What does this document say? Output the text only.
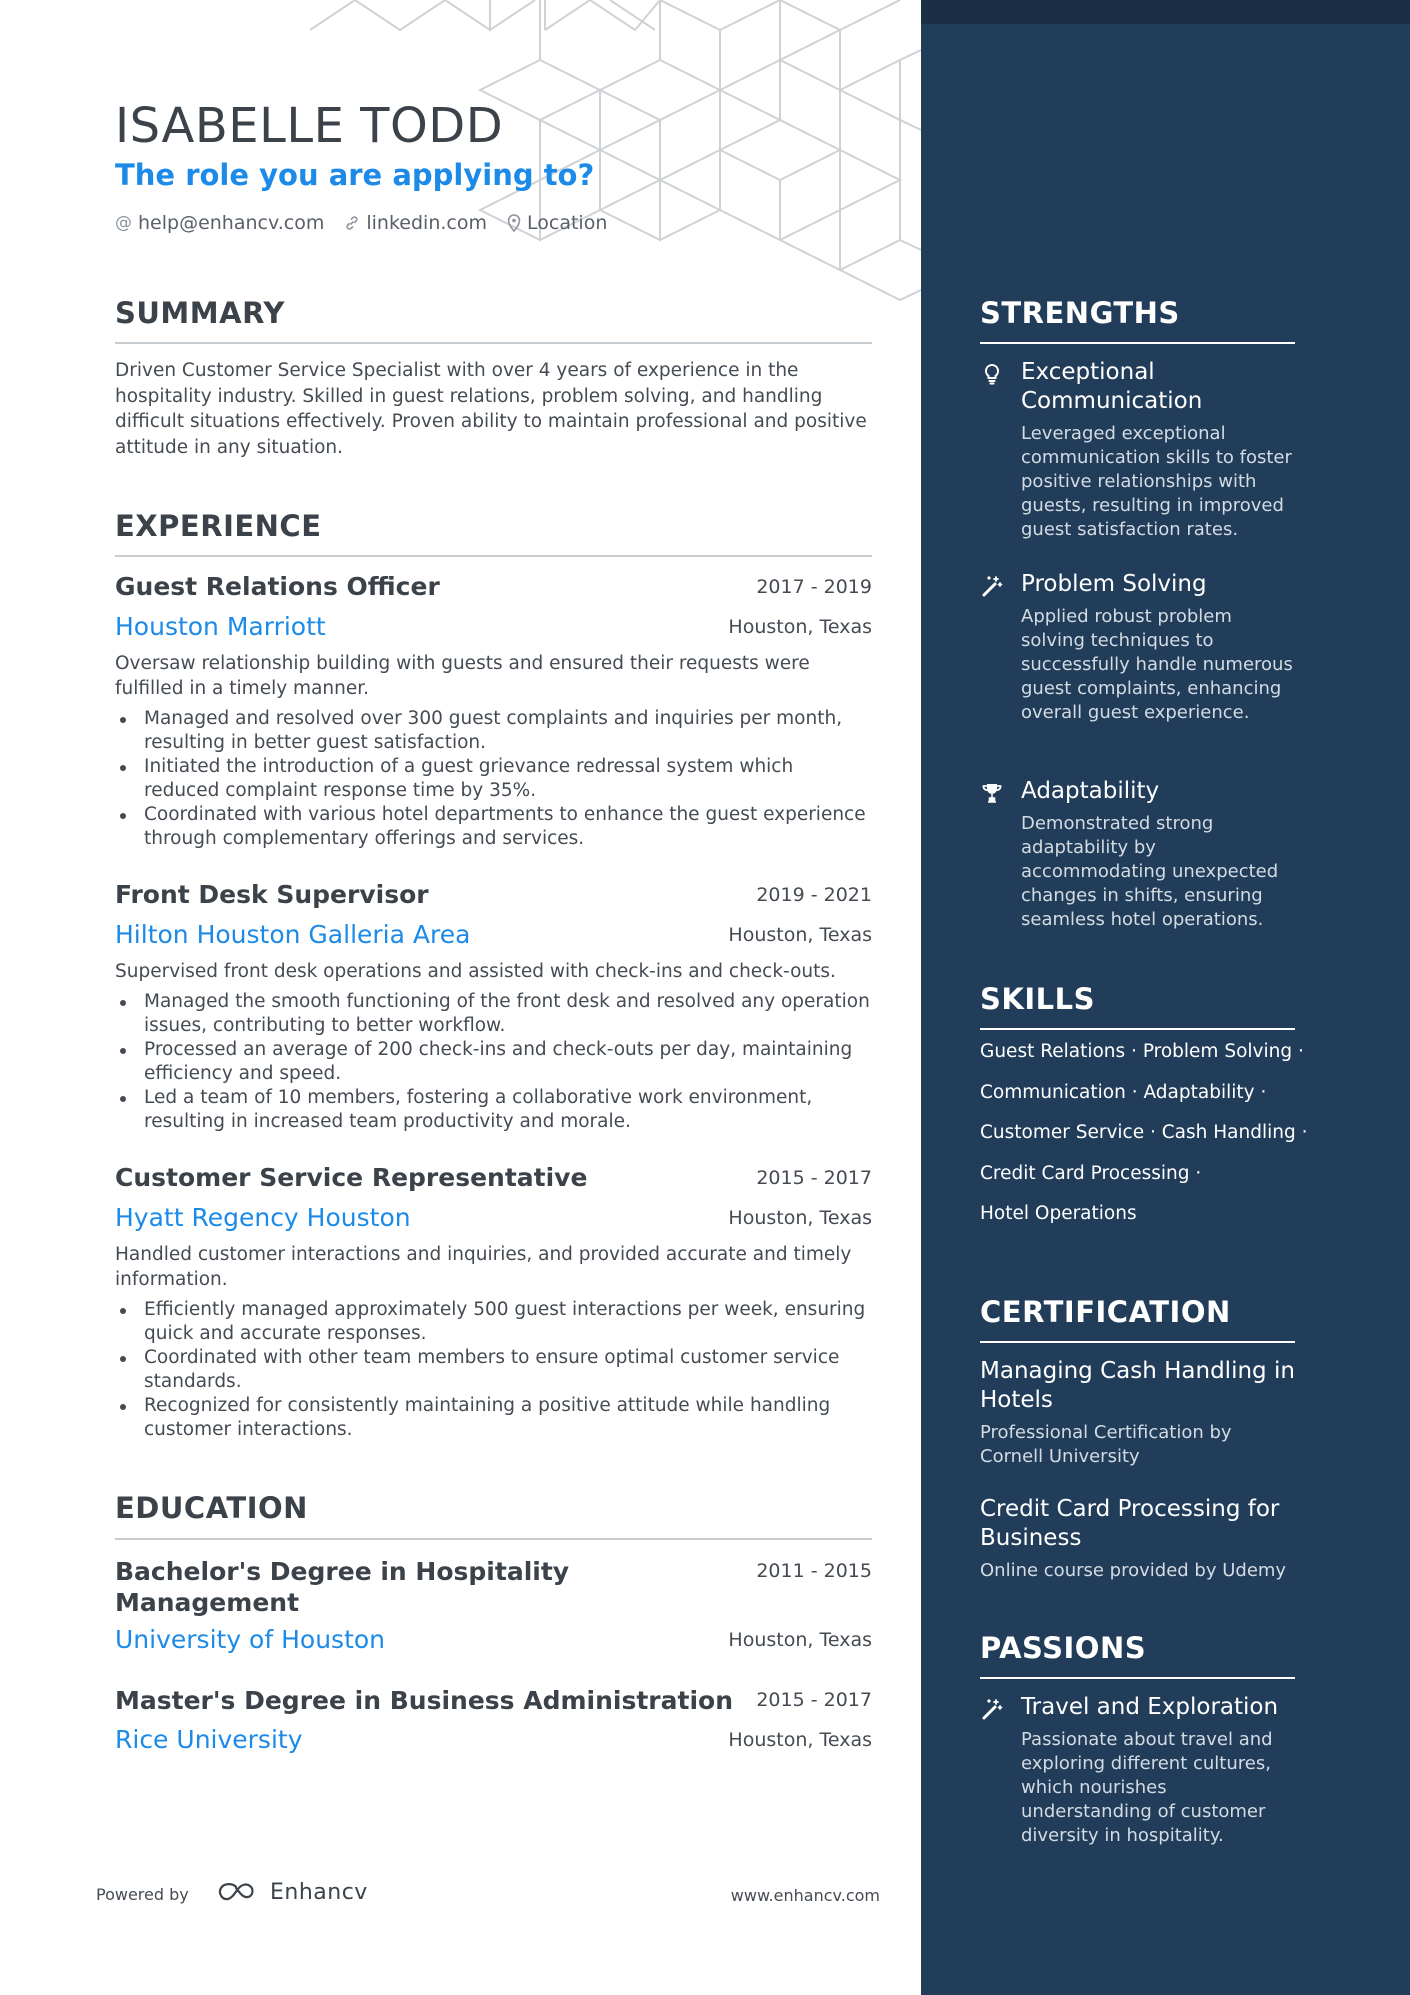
ISABELLE TODD
The role you are applying to?
@ help@enhancv.com linkedin.com Location
SUMMARY

Driven Customer Service Specialist with over 4 years of experience in the hospitality industry. Skilled in guest relations, problem solving, and handling difficult situations effectively. Proven ability to maintain professional and positive attitude in any situation.

EXPERIENCE
Guest Relations Officer	2017 - 2019
Houston Marriott	Houston, Texas

Oversaw relationship building with guests and ensured their requests were fulfilled in a timely manner.

Managed and resolved over 300 guest complaints and inquiries per month, resulting in better guest satisfaction.
Initiated the introduction of a guest grievance redressal system which reduced complaint response time by 35%.
Coordinated with various hotel departments to enhance the guest experience through complementary offerings and services.
Front Desk Supervisor	2019 - 2021
Hilton Houston Galleria Area	Houston, Texas

Supervised front desk operations and assisted with check-ins and check-outs.

Managed the smooth functioning of the front desk and resolved any operation issues, contributing to better workflow.
Processed an average of 200 check-ins and check-outs per day, maintaining efficiency and speed.
Led a team of 10 members, fostering a collaborative work environment, resulting in increased team productivity and morale.
Customer Service Representative	2015 - 2017
Hyatt Regency Houston	Houston, Texas

Handled customer interactions and inquiries, and provided accurate and timely information.

Efficiently managed approximately 500 guest interactions per week, ensuring quick and accurate responses.
Coordinated with other team members to ensure optimal customer service standards.
Recognized for consistently maintaining a positive attitude while handling customer interactions.
EDUCATION
Bachelor's Degree in Hospitality Management
2011 - 2015
University of Houston	Houston, Texas
Master's Degree in Business Administration 2015 - 2017
Rice University	Houston, Texas
Powered by	Enhancv	www.enhancv.com
STRENGTHS

Exceptional Communication

Leveraged exceptional communication skills to foster positive relationships with guests, resulting in improved guest satisfaction rates.

Problem Solving

Applied robust problem solving techniques to successfully handle numerous guest complaints, enhancing overall guest experience.

Adaptability

Demonstrated strong adaptability by accommodating unexpected changes in shifts, ensuring seamless hotel operations.

SKILLS
Guest Relations · Problem Solving ·
Communication · Adaptability ·
Customer Service · Cash Handling ·
Credit Card Processing ·
Hotel Operations
CERTIFICATION

Managing Cash Handling in Hotels

Professional Certification by Cornell University

Credit Card Processing for Business

Online course provided by Udemy

PASSIONS

Travel and Exploration

Passionate about travel and exploring different cultures, which nourishes understanding of customer diversity in hospitality.
